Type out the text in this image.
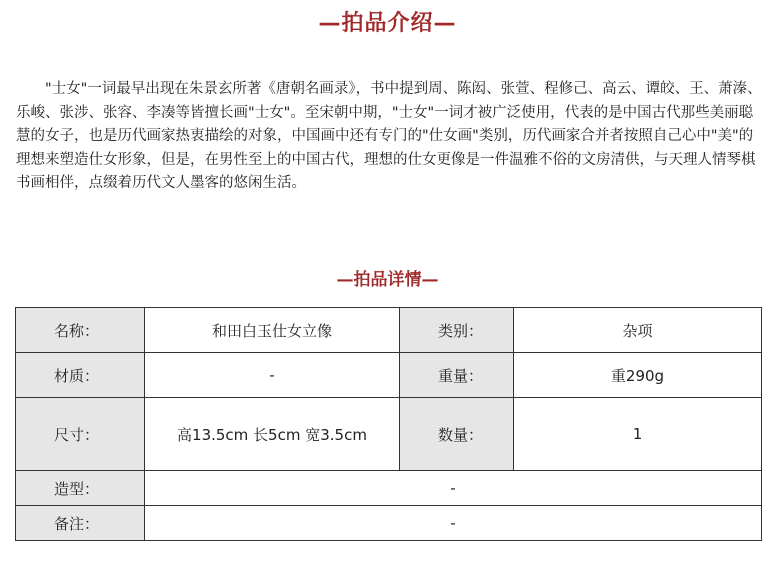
—拍品介绍—

"士女"一词最早出现在朱景玄所著《唐朝名画录》，书中提到周、陈闳、张萱、程修己、高云、谭皎、王、萧溱、乐峻、张涉、张容、李凑等皆擅长画"士女"。至宋朝中期，"士女"一词才被广泛使用，代表的是中国古代那些美丽聪慧的女子，也是历代画家热衷描绘的对象，中国画中还有专门的"仕女画"类别，历代画家合并者按照自己心中"美"的理想来塑造仕女形象，但是，在男性至上的中国古代，理想的仕女更像是一件温雅不俗的文房清供，与天理人情琴棋书画相伴，点缀着历代文人墨客的悠闲生活。

—拍品详情—
名称：	和田白玉仕女立像	类别：	杂项
材质：	-	重量：	重290g
尺寸：	高13.5cm 长5cm 宽3.5cm	数量：	1
造型：	-		
备注：	-		
